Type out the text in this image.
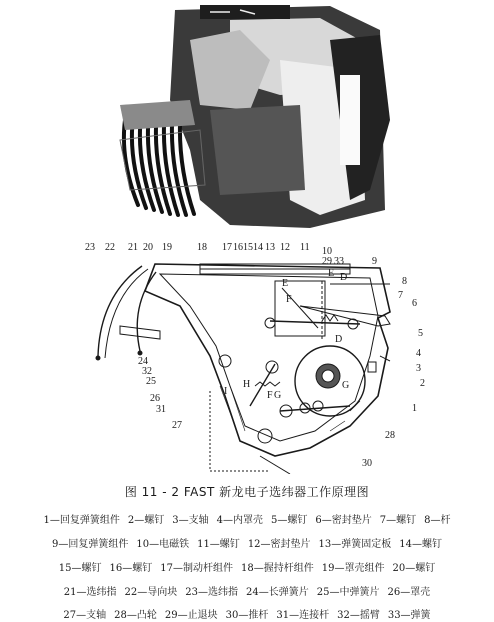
23 22 21 20 19	18 17 16 15 14 13 12 11 10
29 33	9
8
7
6
5
4
3
2
1
28
30
24
32
25
26
31
27
E
D
F
E
D
G
H
F G
I
图 11 - 2 FAST 新龙电子选纬器工作原理图
1—回复弹簧组件 2—螺钉 3—支轴 4—内罩壳 5—螺钉 6—密封垫片 7—螺钉 8—杆
9—回复弹簧组件 10—电磁铁 11—螺钉 12—密封垫片 13—弹簧固定板 14—螺钉
15—螺钉 16—螺钉 17—制动杆组件 18—握持杆组件 19—罩壳组件 20—螺钉
21—选纬指 22—导向块 23—选纬指 24—长弹簧片 25—中弹簧片 26—罩壳
27—支轴 28—凸轮 29—止退块 30—推杆 31—连接杆 32—摇臂 33—弹簧
